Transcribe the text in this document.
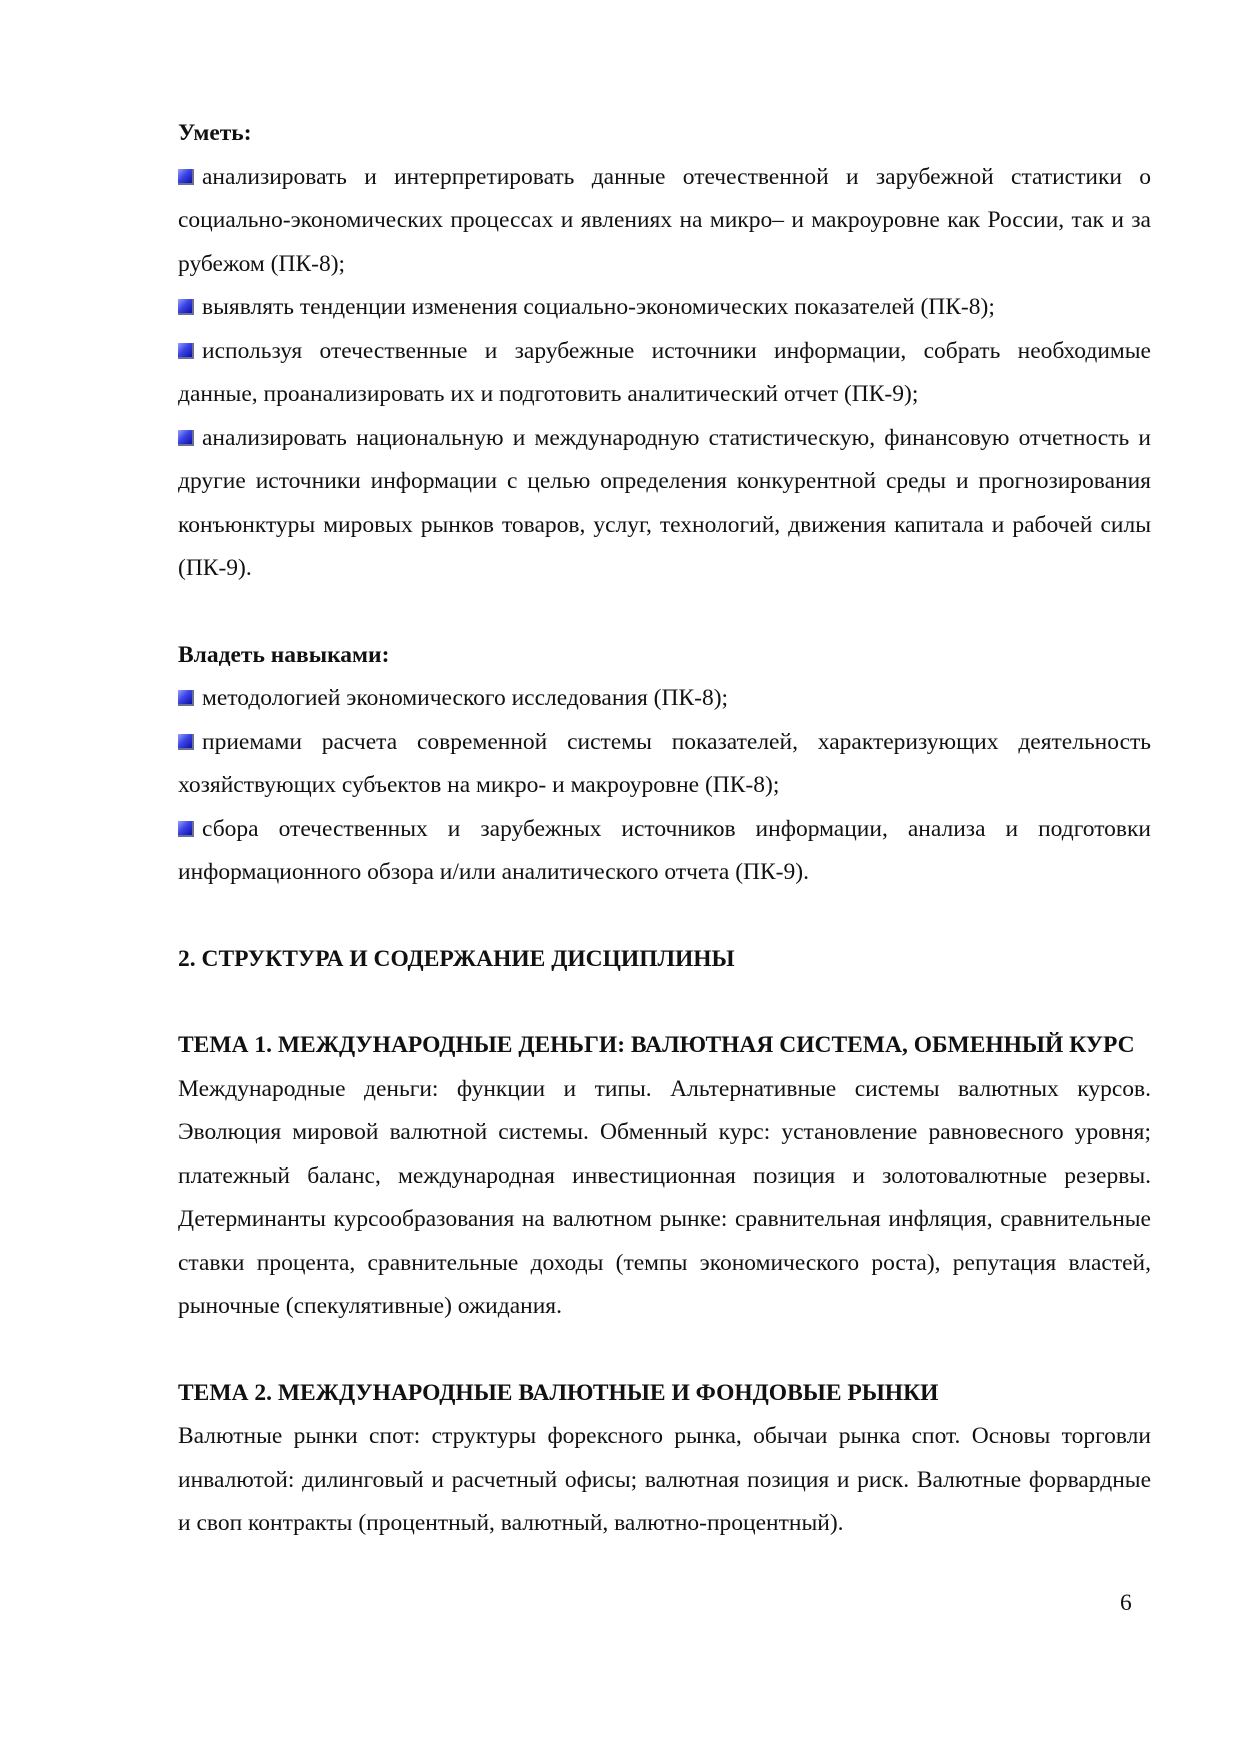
Уметь:

анализировать и интерпретировать данные отечественной и зарубежной статистики о социально-экономических процессах и явлениях на микро– и макроуровне как России, так и за рубежом (ПК-8);
выявлять тенденции изменения социально-экономических показателей (ПК-8);
используя отечественные и зарубежные источники информации, собрать необходимые данные, проанализировать их и подготовить аналитический отчет (ПК-9);
анализировать национальную и международную статистическую, финансовую отчетность и другие источники информации с целью определения конкурентной среды и прогнозирования конъюнктуры мировых рынков товаров, услуг, технологий, движения капитала и рабочей силы (ПК-9).

Владеть навыками:

методологией экономического исследования (ПК-8);
приемами расчета современной системы показателей, характеризующих деятельность хозяйствующих субъектов на микро- и макроуровне (ПК-8);
сбора отечественных и зарубежных источников информации, анализа и подготовки информационного обзора и/или аналитического отчета (ПК-9).

2. СТРУКТУРА И СОДЕРЖАНИЕ ДИСЦИПЛИНЫ

ТЕМА 1. МЕЖДУНАРОДНЫЕ ДЕНЬГИ: ВАЛЮТНАЯ СИСТЕМА, ОБМЕННЫЙ КУРС

Международные деньги: функции и типы. Альтернативные системы валютных курсов. Эволюция мировой валютной системы. Обменный курс: установление равновесного уровня; платежный баланс, международная инвестиционная позиция и золотовалютные резервы. Детерминанты курсообразования на валютном рынке: сравнительная инфляция, сравнительные ставки процента, сравнительные доходы (темпы экономического роста), репутация властей, рыночные (спекулятивные) ожидания.

ТЕМА 2. МЕЖДУНАРОДНЫЕ ВАЛЮТНЫЕ И ФОНДОВЫЕ РЫНКИ

Валютные рынки спот: структуры форексного рынка, обычаи рынка спот. Основы торговли инвалютой: дилинговый и расчетный офисы; валютная позиция и риск. Валютные форвардные и своп контракты (процентный, валютный, валютно-процентный).

6
